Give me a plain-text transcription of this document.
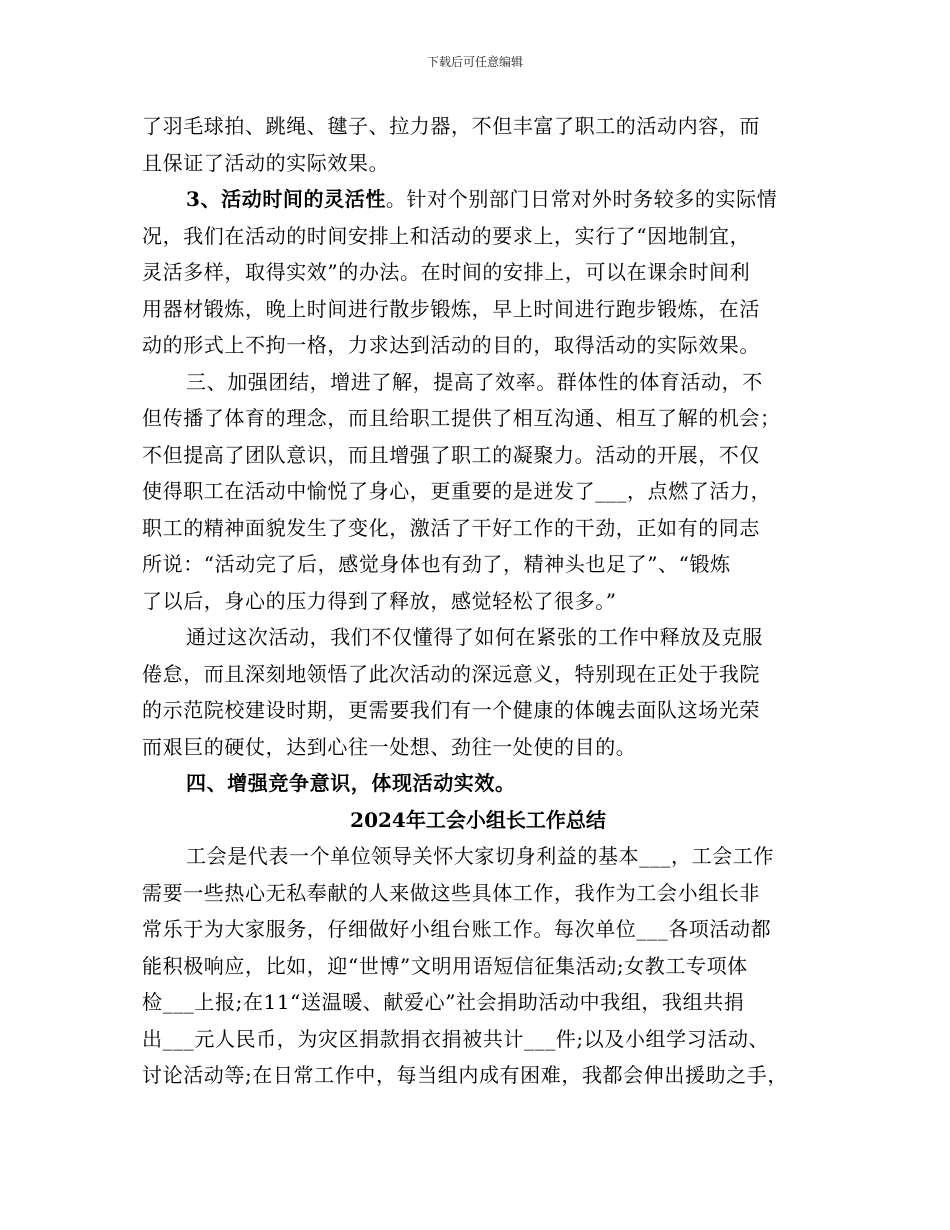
下载后可任意编辑
了羽毛球拍、跳绳、毽子、拉力器，不但丰富了职工的活动内容，而
且保证了活动的实际效果。
3、活动时间的灵活性。针对个别部门日常对外时务较多的实际情
况，我们在活动的时间安排上和活动的要求上，实行了“因地制宜，
灵活多样，取得实效”的办法。在时间的安排上，可以在课余时间利
用器材锻炼，晚上时间进行散步锻炼，早上时间进行跑步锻炼，在活
动的形式上不拘一格，力求达到活动的目的，取得活动的实际效果。
三、加强团结，增进了解，提高了效率。群体性的体育活动，不
但传播了体育的理念，而且给职工提供了相互沟通、相互了解的机会；
不但提高了团队意识，而且增强了职工的凝聚力。活动的开展，不仅
使得职工在活动中愉悦了身心，更重要的是迸发了___，点燃了活力，
职工的精神面貌发生了变化，激活了干好工作的干劲，正如有的同志
所说：“活动完了后，感觉身体也有劲了，精神头也足了”、“锻炼
了以后，身心的压力得到了释放，感觉轻松了很多。”
通过这次活动，我们不仅懂得了如何在紧张的工作中释放及克服
倦怠，而且深刻地领悟了此次活动的深远意义，特别现在正处于我院
的示范院校建设时期，更需要我们有一个健康的体魄去面队这场光荣
而艰巨的硬仗，达到心往一处想、劲往一处使的目的。
四、增强竞争意识，体现活动实效。
2024年工会小组长工作总结
工会是代表一个单位领导关怀大家切身利益的基本___，工会工作
需要一些热心无私奉献的人来做这些具体工作，我作为工会小组长非
常乐于为大家服务，仔细做好小组台账工作。每次单位___各项活动都
能积极响应，比如，迎“世博”文明用语短信征集活动;女教工专项体
检___上报;在11“送温暖、献爱心”社会捐助活动中我组，我组共捐
出___元人民币，为灾区捐款捐衣捐被共计___件;以及小组学习活动、
讨论活动等;在日常工作中，每当组内成有困难，我都会伸出援助之手，
